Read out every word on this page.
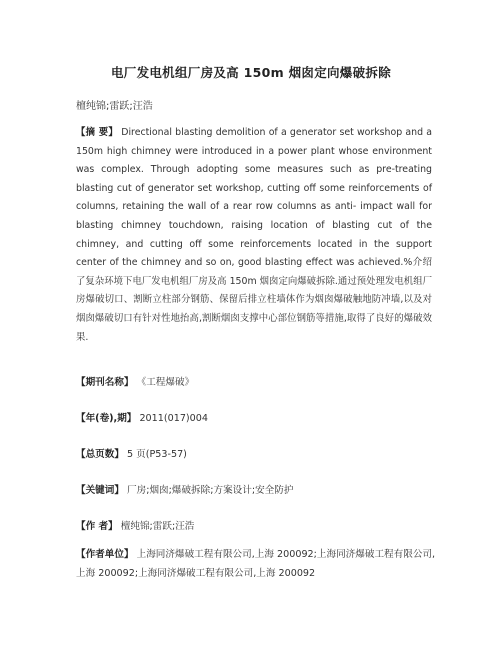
电厂发电机组厂房及高 150m 烟囱定向爆破拆除
檀纯锦;雷跃;汪浩
【摘 要】 Directional blasting demolition of a generator set workshop and a 150m high chimney were introduced in a power plant whose environment was complex. Through adopting some measures such as pre-treating blasting cut of generator set workshop, cutting off some reinforcements of columns, retaining the wall of a rear row columns as anti- impact wall for blasting chimney touchdown, raising location of blasting cut of the chimney, and cutting off some reinforcements located in the support center of the chimney and so on, good blasting effect was achieved.%介绍了复杂环境下电厂发电机组厂房及高 150m 烟囱定向爆破拆除.通过预处理发电机组厂房爆破切口、割断立柱部分钢筋、保留后排立柱墙体作为烟囱爆破触地防冲墙,以及对烟囱爆破切口有针对性地抬高,割断烟囱支撑中心部位钢筋等措施,取得了良好的爆破效果.
【期刊名称】 《工程爆破》
【年(卷),期】 2011(017)004
【总页数】 5 页(P53-57)
【关键词】 厂房;烟囱;爆破拆除;方案设计;安全防护
【作 者】 檀纯锦;雷跃;汪浩
【作者单位】 上海同济爆破工程有限公司,上海 200092;上海同济爆破工程有限公司,上海 200092;上海同济爆破工程有限公司,上海 200092
